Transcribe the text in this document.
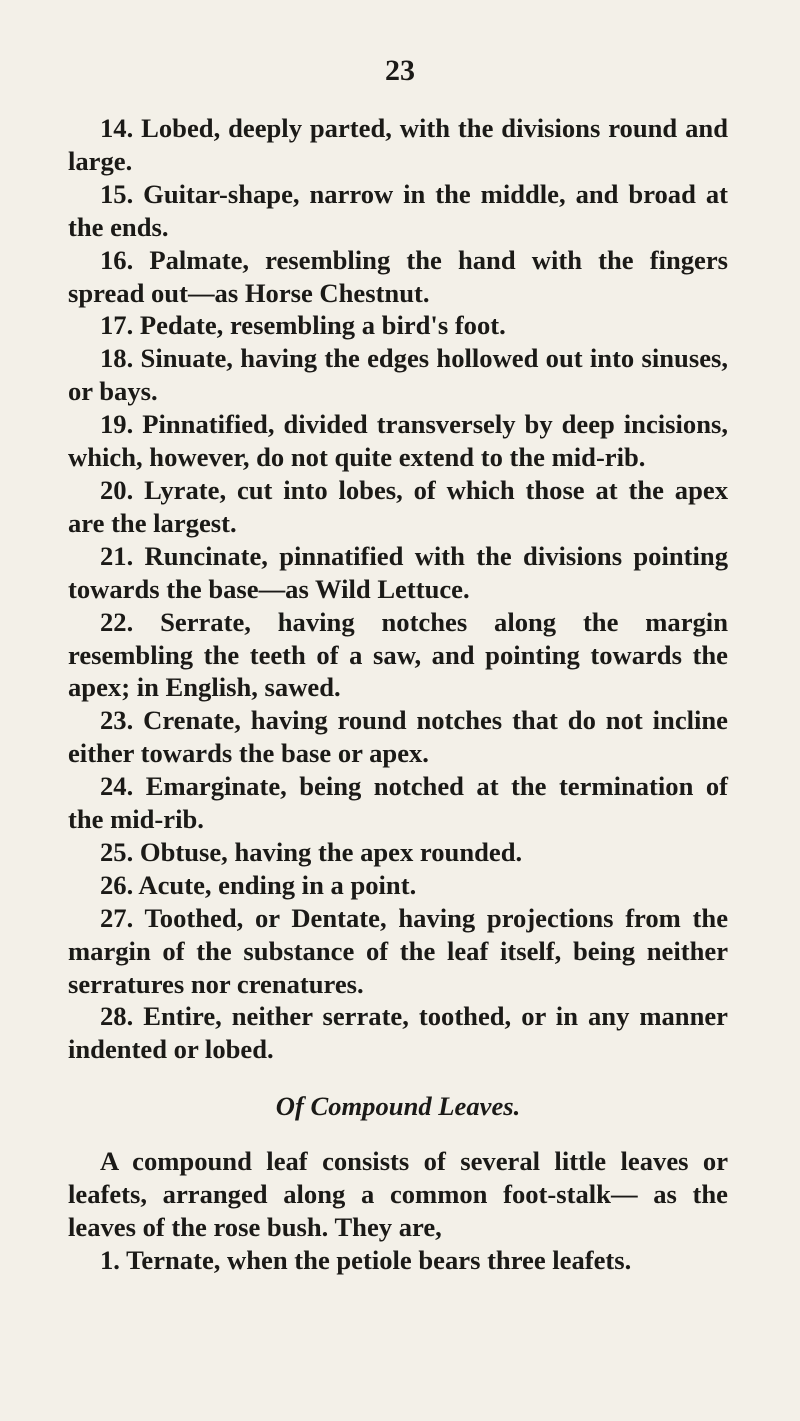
23

14. Lobed, deeply parted, with the divisions round and large.

15. Guitar-shape, narrow in the middle, and broad at the ends.

16. Palmate, resembling the hand with the fingers spread out—as Horse Chestnut.

17. Pedate, resembling a bird's foot.

18. Sinuate, having the edges hollowed out into sinuses, or bays.

19. Pinnatified, divided transversely by deep incisions, which, however, do not quite extend to the mid-rib.

20. Lyrate, cut into lobes, of which those at the apex are the largest.

21. Runcinate, pinnatified with the divisions pointing towards the base—as Wild Lettuce.

22. Serrate, having notches along the margin resembling the teeth of a saw, and pointing towards the apex; in English, sawed.

23. Crenate, having round notches that do not incline either towards the base or apex.

24. Emarginate, being notched at the termination of the mid-rib.

25. Obtuse, having the apex rounded.

26. Acute, ending in a point.

27. Toothed, or Dentate, having projections from the margin of the substance of the leaf itself, being neither serratures nor crenatures.

28. Entire, neither serrate, toothed, or in any manner indented or lobed.

Of Compound Leaves.

A compound leaf consists of several little leaves or leafets, arranged along a common foot-stalk— as the leaves of the rose bush. They are,

1. Ternate, when the petiole bears three leafets.
